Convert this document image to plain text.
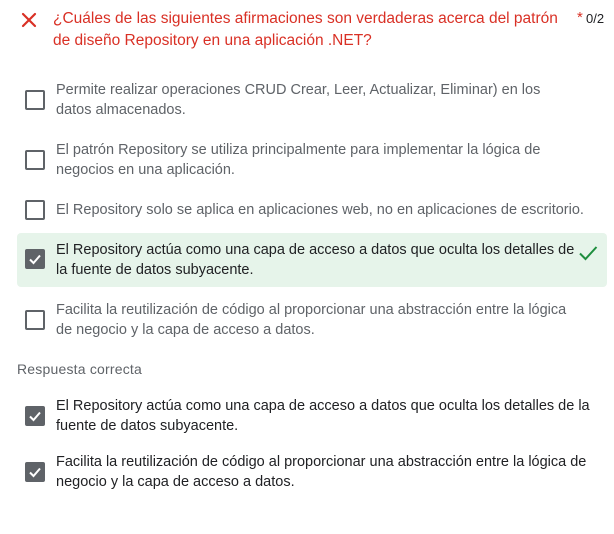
¿Cuáles de las siguientes afirmaciones son verdaderas acerca del patrón de diseño Repository en una aplicación .NET?
* 0/2
Permite realizar operaciones CRUD Crear, Leer, Actualizar, Eliminar) en los datos almacenados.
El patrón Repository se utiliza principalmente para implementar la lógica de negocios en una aplicación.
El Repository solo se aplica en aplicaciones web, no en aplicaciones de escritorio.
El Repository actúa como una capa de acceso a datos que oculta los detalles de la fuente de datos subyacente.
Facilita la reutilización de código al proporcionar una abstracción entre la lógica de negocio y la capa de acceso a datos.
Respuesta correcta
El Repository actúa como una capa de acceso a datos que oculta los detalles de la fuente de datos subyacente.
Facilita la reutilización de código al proporcionar una abstracción entre la lógica de negocio y la capa de acceso a datos.
